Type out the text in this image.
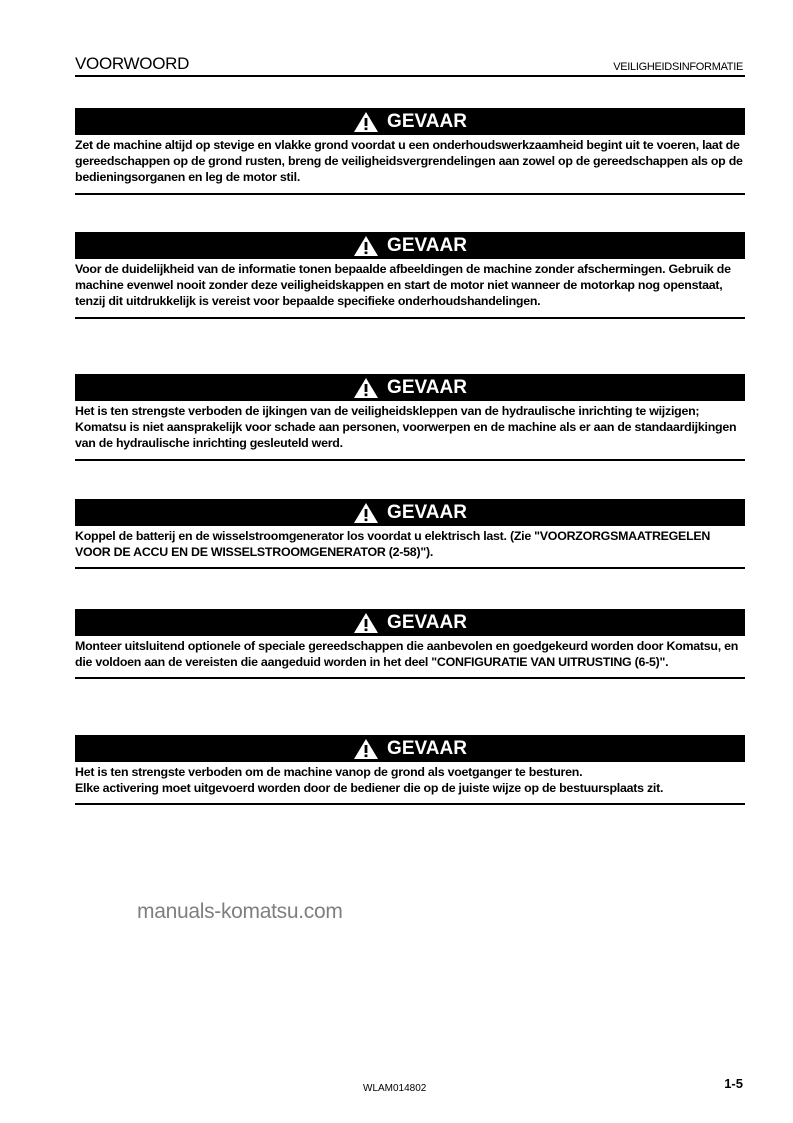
VOORWOORD	VEILIGHEIDSINFORMATIE
GEVAAR
Zet de machine altijd op stevige en vlakke grond voordat u een onderhoudswerkzaamheid begint uit te voeren, laat de gereedschappen op de grond rusten, breng de veiligheidsvergrendelingen aan zowel op de gereedschappen als op de bedieningsorganen en leg de motor stil.
GEVAAR
Voor de duidelijkheid van de informatie tonen bepaalde afbeeldingen de machine zonder afschermingen. Gebruik de machine evenwel nooit zonder deze veiligheidskappen en start de motor niet wanneer de motorkap nog openstaat, tenzij dit uitdrukkelijk is vereist voor bepaalde specifieke onderhoudshandelingen.
GEVAAR
Het is ten strengste verboden de ijkingen van de veiligheidskleppen van de hydraulische inrichting te wijzigen; Komatsu is niet aansprakelijk voor schade aan personen, voorwerpen en de machine als er aan de standaardijkingen van de hydraulische inrichting gesleuteld werd.
GEVAAR
Koppel de batterij en de wisselstroomgenerator los voordat u elektrisch last. (Zie "VOORZORGSMAATREGELEN VOOR DE ACCU EN DE WISSELSTROOMGENERATOR (2-58)").
GEVAAR
Monteer uitsluitend optionele of speciale gereedschappen die aanbevolen en goedgekeurd worden door Komatsu, en die voldoen aan de vereisten die aangeduid worden in het deel "CONFIGURATIE VAN UITRUSTING (6-5)".
GEVAAR
Het is ten strengste verboden om de machine vanop de grond als voetganger te besturen.
Elke activering moet uitgevoerd worden door de bediener die op de juiste wijze op de bestuursplaats zit.
manuals-komatsu.com
WLAM014802	1-5
